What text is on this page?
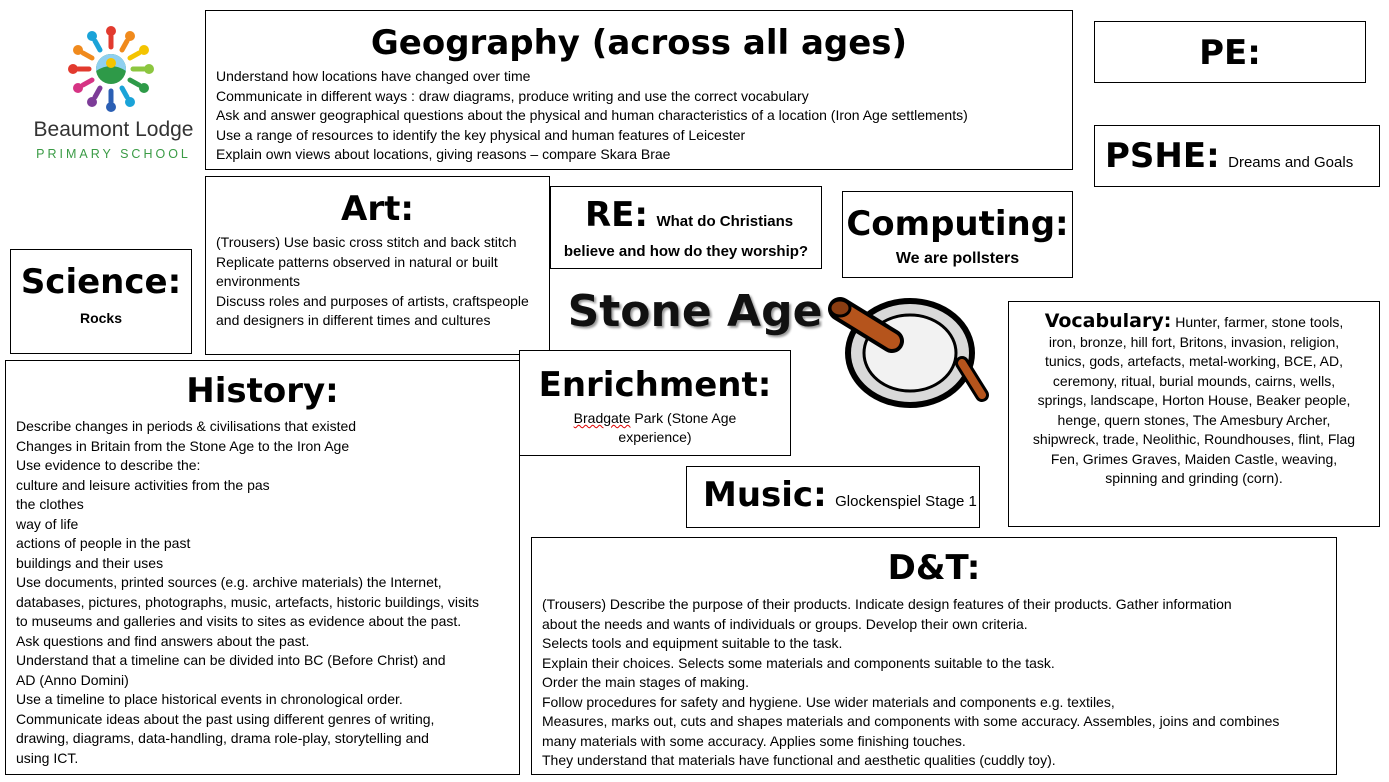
Beaumont Lodge
PRIMARY SCHOOL
Geography (across all ages)
Understand how locations have changed over time
Communicate in different ways : draw diagrams, produce writing and use the correct vocabulary
Ask and answer geographical questions about the physical and human characteristics of a location (Iron Age settlements)
Use a range of resources to identify the key physical and human features of Leicester
Explain own views about locations, giving reasons – compare Skara Brae
PE:
PSHE: Dreams and Goals
Art:
(Trousers) Use basic cross stitch and back stitch
Replicate patterns observed in natural or built environments
Discuss roles and purposes of artists, craftspeople and designers in different times and cultures
RE: What do Christians
believe and how do they worship?
Computing:
We are pollsters
Science:
Rocks	Stone Age
History:
Describe changes in periods & civilisations that existed
Changes in Britain from the Stone Age to the Iron Age
Use evidence to describe the:
culture and leisure activities from the pas
the clothes
way of life
actions of people in the past
buildings and their uses
Use documents, printed sources (e.g. archive materials) the Internet,
databases, pictures, photographs, music, artefacts, historic buildings, visits
to museums and galleries and visits to sites as evidence about the past.
Ask questions and find answers about the past.
Understand that a timeline can be divided into BC (Before Christ) and
AD (Anno Domini)
Use a timeline to place historical events in chronological order.
Communicate ideas about the past using different genres of writing,
drawing, diagrams, data-handling, drama role-play, storytelling and
using ICT.
Enrichment:
Bradgate Park (Stone Age
experience)
Vocabulary: Hunter, farmer, stone tools,
iron, bronze, hill fort, Britons, invasion, religion,
tunics, gods, artefacts, metal-working, BCE, AD,
ceremony, ritual, burial mounds, cairns, wells,
springs, landscape, Horton House, Beaker people,
henge, quern stones, The Amesbury Archer,
shipwreck, trade, Neolithic, Roundhouses, flint, Flag
Fen, Grimes Graves, Maiden Castle, weaving,
spinning and grinding (corn).
Music: Glockenspiel Stage 1
D&T:
(Trousers) Describe the purpose of their products. Indicate design features of their products. Gather information
about the needs and wants of individuals or groups. Develop their own criteria.
Selects tools and equipment suitable to the task.
Explain their choices. Selects some materials and components suitable to the task.
Order the main stages of making.
Follow procedures for safety and hygiene. Use wider materials and components e.g. textiles,
Measures, marks out, cuts and shapes materials and components with some accuracy. Assembles, joins and combines
many materials with some accuracy. Applies some finishing touches.
They understand that materials have functional and aesthetic qualities (cuddly toy).
